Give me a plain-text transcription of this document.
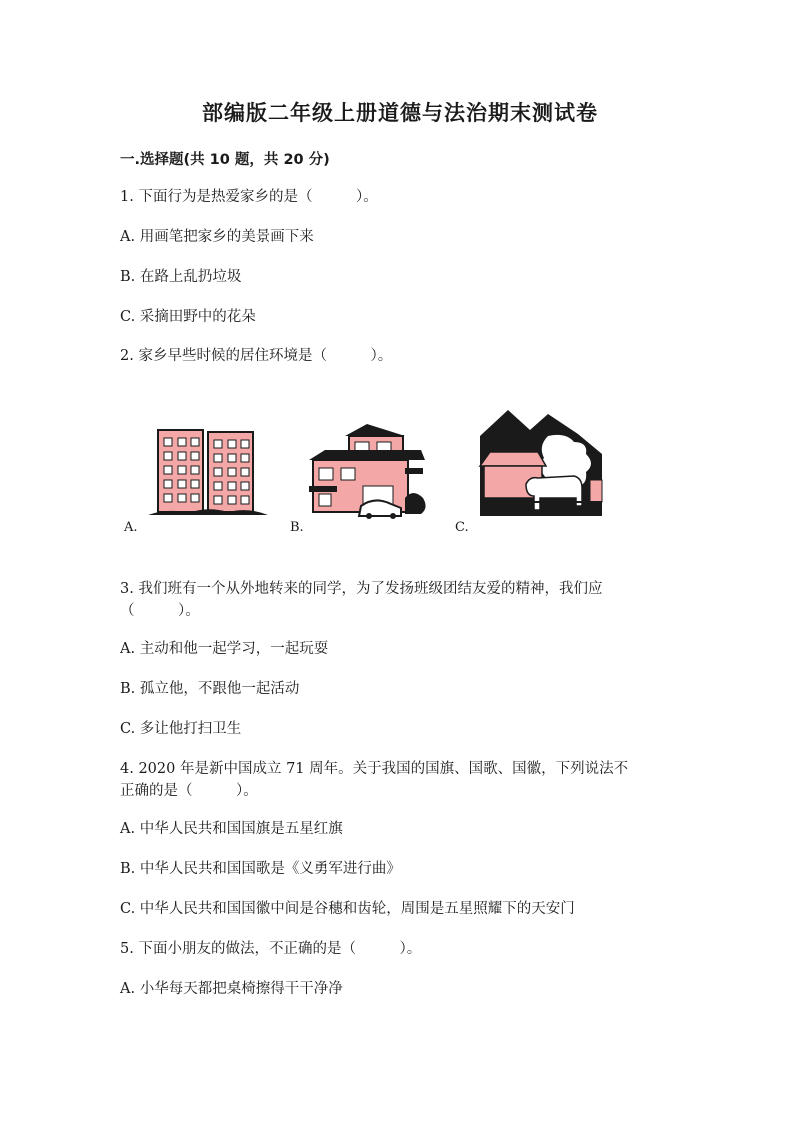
部编版二年级上册道德与法治期末测试卷
一.选择题(共 10 题，共 20 分)
1. 下面行为是热爱家乡的是（　　　）。
A. 用画笔把家乡的美景画下来
B. 在路上乱扔垃圾
C. 采摘田野中的花朵
2. 家乡早些时候的居住环境是（　　　）。
A.	B.	C.
3. 我们班有一个从外地转来的同学，为了发扬班级团结友爱的精神，我们应
（　　　）。
A. 主动和他一起学习，一起玩耍
B. 孤立他，不跟他一起活动
C. 多让他打扫卫生
4. 2020 年是新中国成立 71 周年。关于我国的国旗、国歌、国徽，下列说法不
正确的是（　　　）。
A. 中华人民共和国国旗是五星红旗
B. 中华人民共和国国歌是《义勇军进行曲》
C. 中华人民共和国国徽中间是谷穗和齿轮，周围是五星照耀下的天安门
5. 下面小朋友的做法，不正确的是（　　　）。
A. 小华每天都把桌椅擦得干干净净
